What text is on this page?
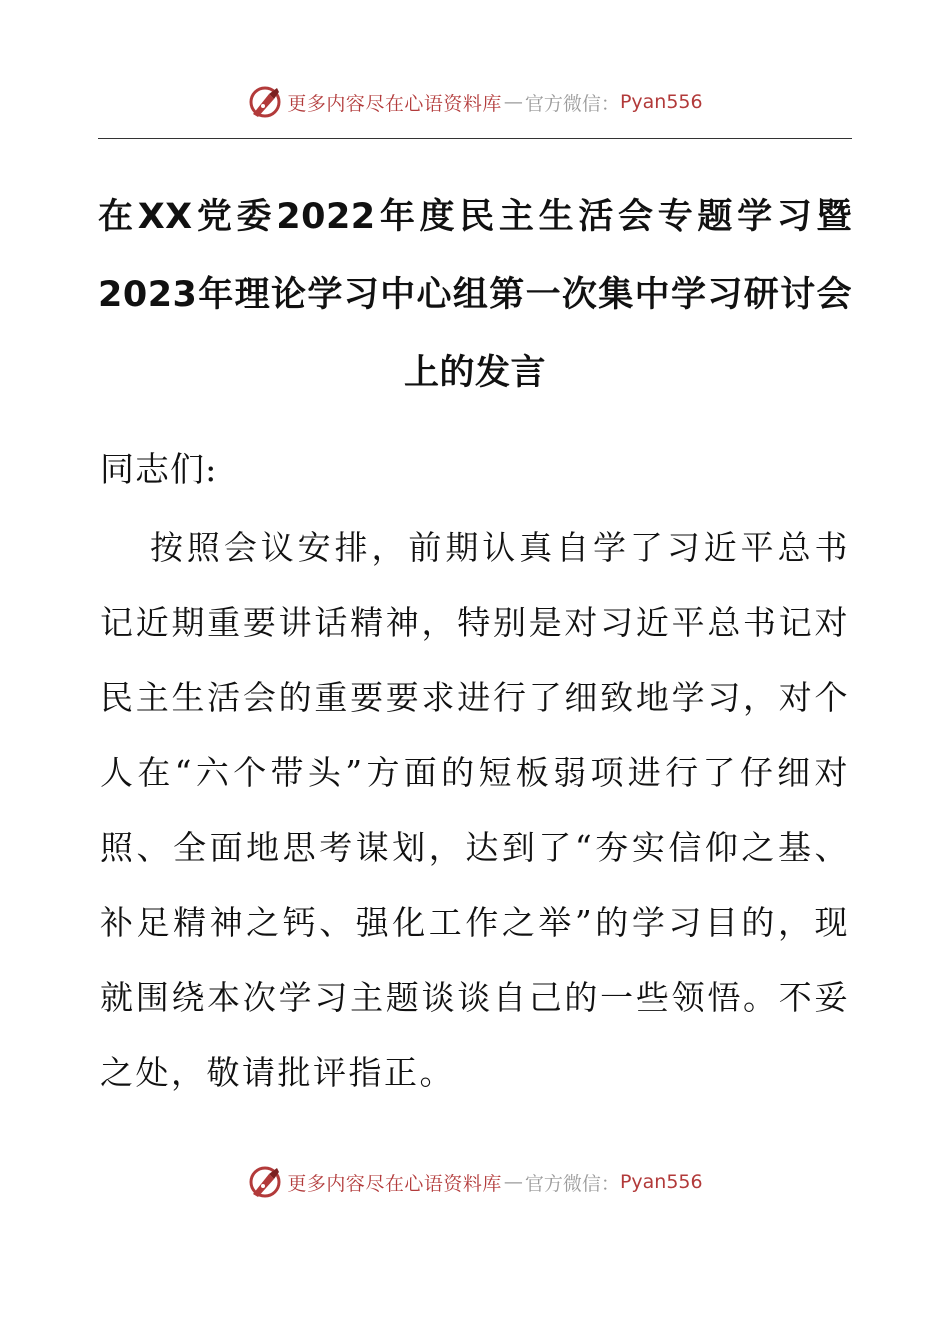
更多内容尽在心语资料库 — 官方微信： Pyan556
在XX党委2022年度民主生活会专题学习暨2023年理论学习中心组第一次集中学习研讨会上的发言

同志们:

按照会议安排，前期认真自学了习近平总书记近期重要讲话精神，特别是对习近平总书记对民主生活会的重要要求进行了细致地学习，对个人在“六个带头”方面的短板弱项进行了仔细对照、全面地思考谋划，达到了“夯实信仰之基、补足精神之钙、强化工作之举”的学习目的，现就围绕本次学习主题谈谈自己的一些领悟。不妥之处，敬请批评指正。

更多内容尽在心语资料库 — 官方微信： Pyan556
